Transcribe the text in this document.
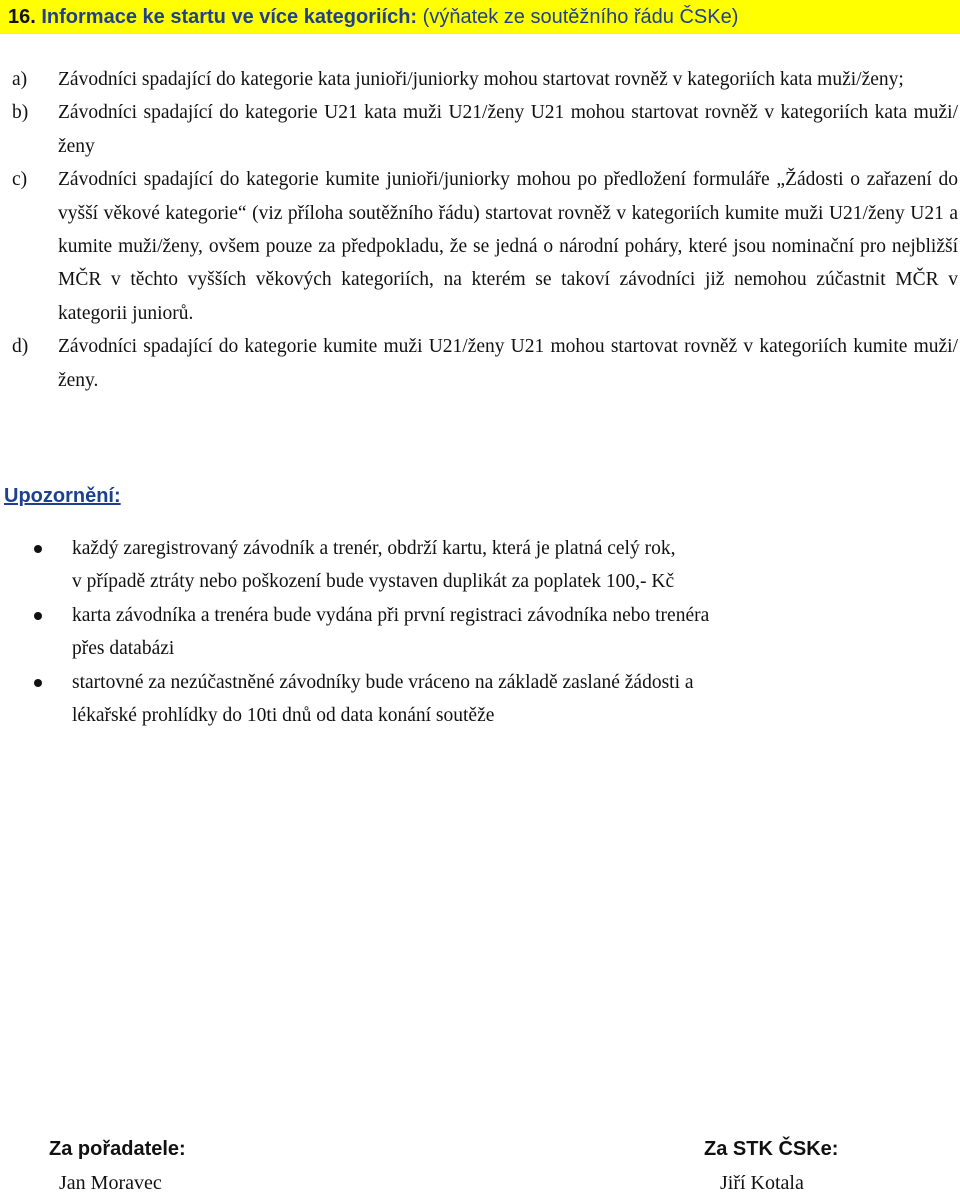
16. Informace ke startu ve více kategoriích: (výňatek ze soutěžního řádu ČSKe)

a)	Závodníci spadající do kategorie kata junioři/juniorky mohou startovat rovněž v kategoriích kata muži/ženy;

b)	Závodníci spadající do kategorie U21 kata muži U21/ženy U21 mohou startovat rovněž v kategoriích kata muži/ženy

c)	Závodníci spadající do kategorie kumite junioři/juniorky mohou po předložení formuláře „Žádosti o zařazení do vyšší věkové kategorie“ (viz příloha soutěžního řádu) startovat rovněž v kategoriích kumite muži U21/ženy U21 a kumite muži/ženy, ovšem pouze za předpokladu, že se jedná o národní poháry, které jsou nominační pro nejbližší MČR v těchto vyšších věkových kategoriích, na kterém se takoví závodníci již nemohou zúčastnit MČR v kategorii juniorů.

d)	Závodníci spadající do kategorie kumite muži U21/ženy U21 mohou startovat rovněž v kategoriích kumite muži/ženy.

Upozornění:

každý zaregistrovaný závodník a trenér, obdrží kartu, která je platná celý rok,
v případě ztráty nebo poškození bude vystaven duplikát za poplatek 100,- Kč

karta závodníka a trenéra bude vydána při první registraci závodníka nebo trenéra
přes databázi

startovné za nezúčastněné závodníky bude vráceno na základě zaslané žádosti a
lékařské prohlídky do 10ti dnů od data konání soutěže

Za pořadatele:
Jan Moravec
Za STK ČSKe:
Jiří Kotala
